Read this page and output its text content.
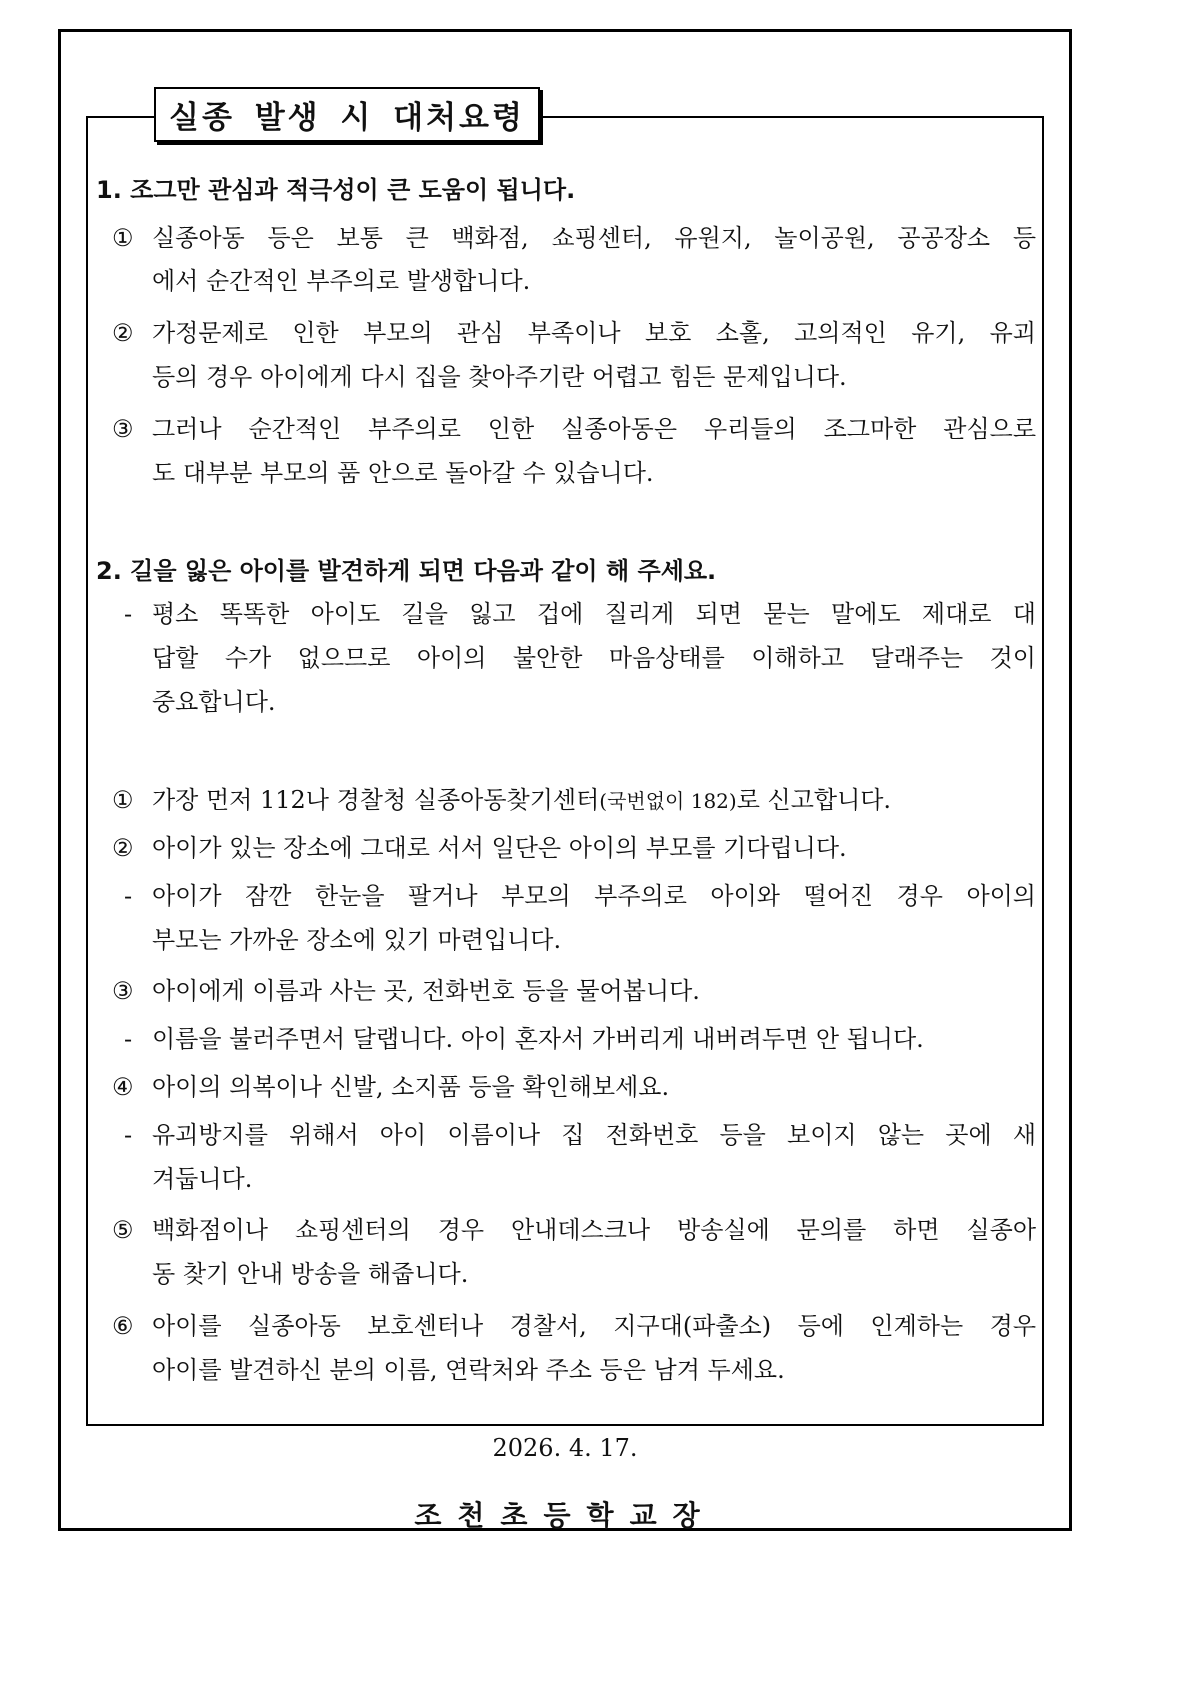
실종 발생 시 대처요령
1. 조그만 관심과 적극성이 큰 도움이 됩니다.
① 실종아동 등은 보통 큰 백화점, 쇼핑센터, 유원지, 놀이공원, 공공장소 등
에서 순간적인 부주의로 발생합니다.
② 가정문제로 인한 부모의 관심 부족이나 보호 소홀, 고의적인 유기, 유괴
등의 경우 아이에게 다시 집을 찾아주기란 어렵고 힘든 문제입니다.
③ 그러나 순간적인 부주의로 인한 실종아동은 우리들의 조그마한 관심으로
도 대부분 부모의 품 안으로 돌아갈 수 있습니다.
2. 길을 잃은 아이를 발견하게 되면 다음과 같이 해 주세요.
- 평소 똑똑한 아이도 길을 잃고 겁에 질리게 되면 묻는 말에도 제대로 대
답할 수가 없으므로 아이의 불안한 마음상태를 이해하고 달래주는 것이
중요합니다.
① 가장 먼저 112나 경찰청 실종아동찾기센터(국번없이 182)로 신고합니다.
② 아이가 있는 장소에 그대로 서서 일단은 아이의 부모를 기다립니다.
- 아이가 잠깐 한눈을 팔거나 부모의 부주의로 아이와 떨어진 경우 아이의
부모는 가까운 장소에 있기 마련입니다.
③ 아이에게 이름과 사는 곳, 전화번호 등을 물어봅니다.
- 이름을 불러주면서 달랩니다. 아이 혼자서 가버리게 내버려두면 안 됩니다.
④ 아이의 의복이나 신발, 소지품 등을 확인해보세요.
- 유괴방지를 위해서 아이 이름이나 집 전화번호 등을 보이지 않는 곳에 새
겨둡니다.
⑤ 백화점이나 쇼핑센터의 경우 안내데스크나 방송실에 문의를 하면 실종아
동 찾기 안내 방송을 해줍니다.
⑥ 아이를 실종아동 보호센터나 경찰서, 지구대(파출소) 등에 인계하는 경우
아이를 발견하신 분의 이름, 연락처와 주소 등은 남겨 두세요.
2026. 4. 17.
조천초등학교장
